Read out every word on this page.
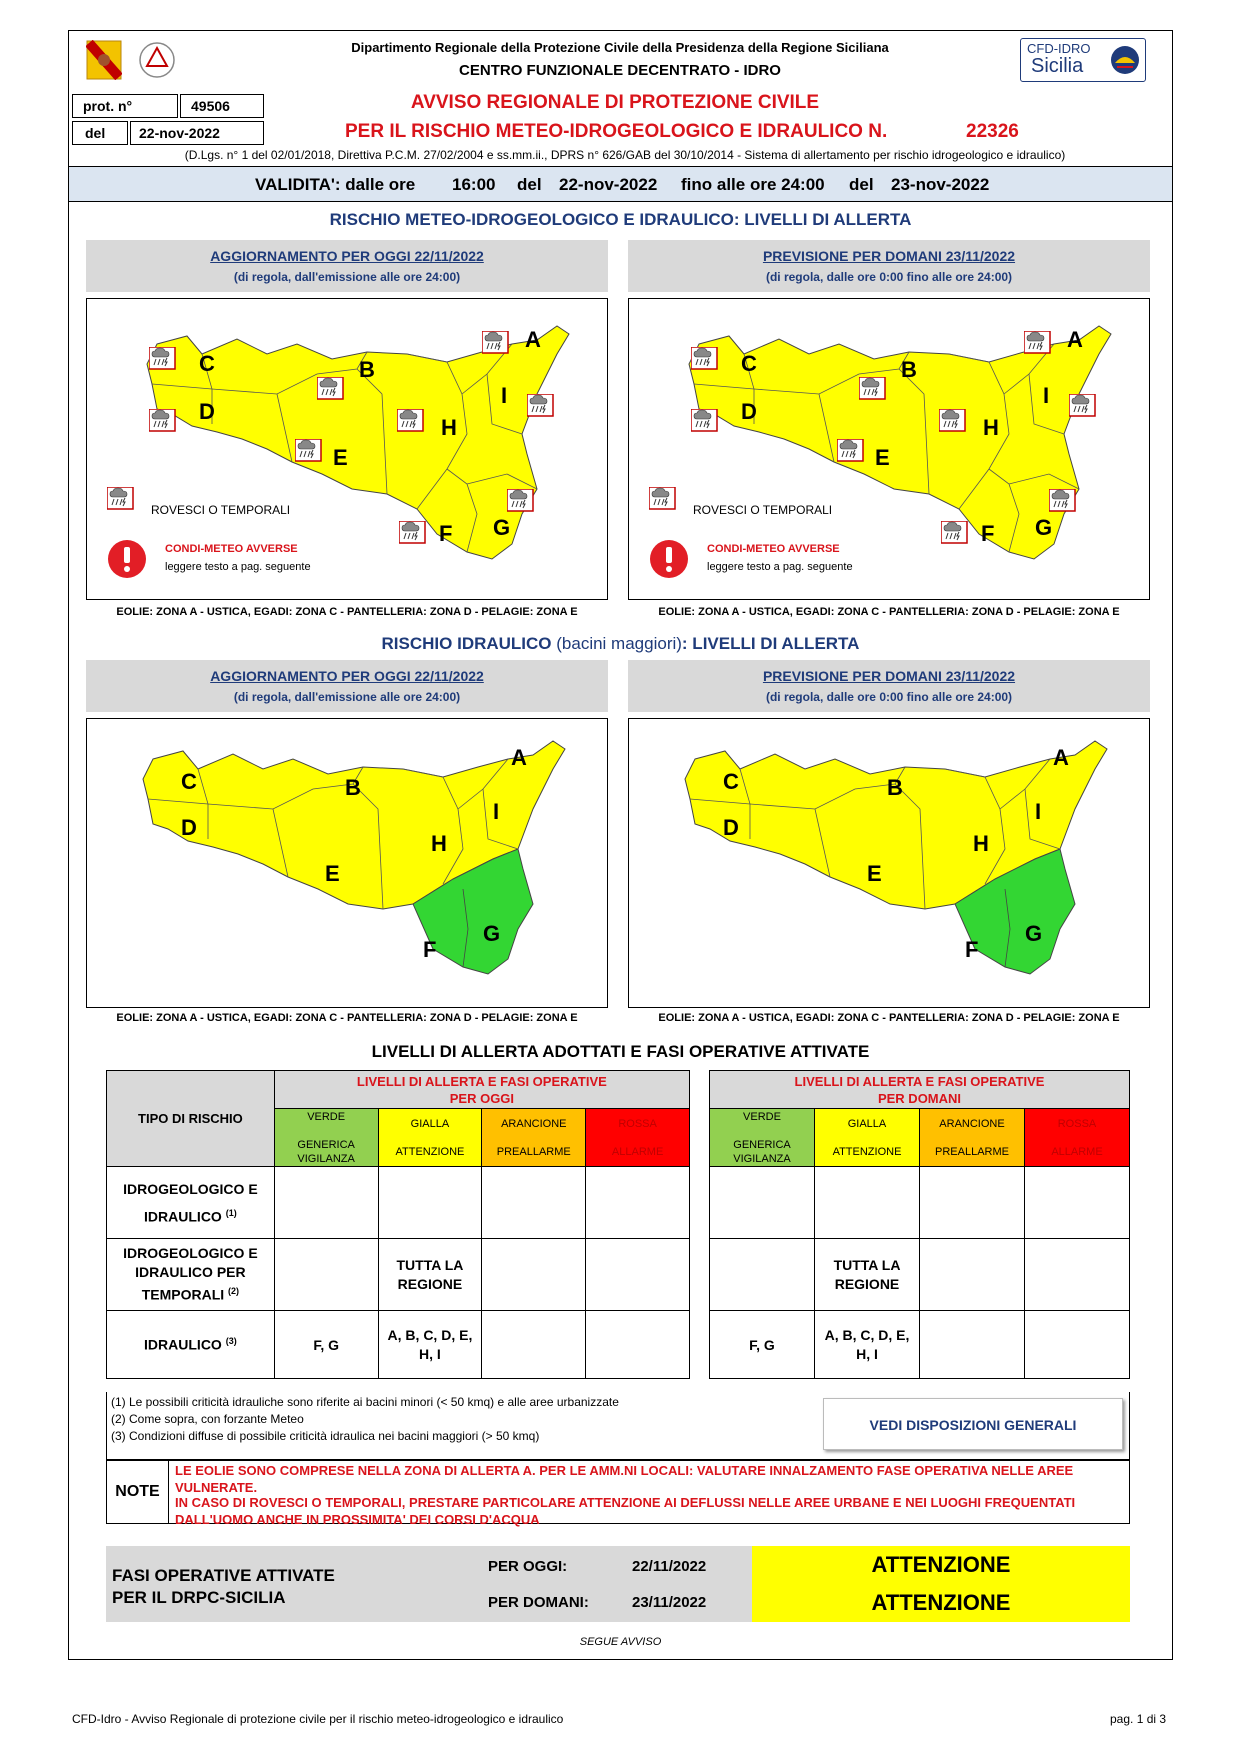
Dipartimento Regionale della Protezione Civile della Presidenza della Regione Siciliana
CENTRO FUNZIONALE DECENTRATO - IDRO
CFD-IDRO
Sicilia
prot. n°	49506
del	22-nov-2022
AVVISO REGIONALE DI PROTEZIONE CIVILE
PER IL RISCHIO METEO-IDROGEOLOGICO E IDRAULICO N.	22326
(D.Lgs. n° 1 del 02/01/2018, Direttiva P.C.M. 27/02/2004 e ss.mm.ii., DPRS n° 626/GAB del 30/10/2014 - Sistema di allertamento per rischio idrogeologico e idraulico)
VALIDITA': dalle ore 16:00 del 22-nov-2022 fino alle ore 24:00 del 23-nov-2022
RISCHIO METEO-IDROGEOLOGICO E IDRAULICO: LIVELLI DI ALLERTA
AGGIORNAMENTO PER OGGI 22/11/2022
(di regola, dall'emissione alle ore 24:00)
PREVISIONE PER DOMANI 23/11/2022
(di regola, dalle ore 0:00 fino alle ore 24:00)
C
D
B
E
H
I
A
F G
ROVESCI O TEMPORALI
CONDI-METEO AVVERSE
leggere testo a pag. seguente
C
D
B
E
H
I
A
F G
ROVESCI O TEMPORALI
CONDI-METEO AVVERSE
leggere testo a pag. seguente
EOLIE: ZONA A - USTICA, EGADI: ZONA C - PANTELLERIA: ZONA D - PELAGIE: ZONA E	EOLIE: ZONA A - USTICA, EGADI: ZONA C - PANTELLERIA: ZONA D - PELAGIE: ZONA E
RISCHIO IDRAULICO (bacini maggiori): LIVELLI DI ALLERTA
AGGIORNAMENTO PER OGGI 22/11/2022
(di regola, dall'emissione alle ore 24:00)
PREVISIONE PER DOMANI 23/11/2022
(di regola, dalle ore 0:00 fino alle ore 24:00)
C
D
B
E
H
I
A
F
G
C
D
B
E
H
I
A
F
G
EOLIE: ZONA A - USTICA, EGADI: ZONA C - PANTELLERIA: ZONA D - PELAGIE: ZONA E	EOLIE: ZONA A - USTICA, EGADI: ZONA C - PANTELLERIA: ZONA D - PELAGIE: ZONA E
LIVELLI DI ALLERTA ADOTTATI E FASI OPERATIVE ATTIVATE
TIPO DI RISCHIO	LIVELLI DI ALLERTA E FASI OPERATIVE
PER OGGI			
	VERDE

GENERICA
VIGILANZA	GIALLA

ATTENZIONE	ARANCIONE

PREALLARME	ROSSA

ALLARME
IDROGEOLOGICO E
IDRAULICO $^{(1)}$				
IDROGEOLOGICO E
IDRAULICO PER
TEMPORALI $^{(2)}$		TUTTA LA
REGIONE		
IDRAULICO $^{(3)}$	F, G	A, B, C, D, E,
H, I		
LIVELLI DI ALLERTA E FASI OPERATIVE
PER DOMANI			
VERDE

GENERICA
VIGILANZA	GIALLA

ATTENZIONE	ARANCIONE

PREALLARME	ROSSA

ALLARME

	TUTTA LA
REGIONE		
F, G	A, B, C, D, E,
H, I		
(1) Le possibili criticità idrauliche sono riferite ai bacini minori (< 50 kmq) e alle aree urbanizzate
(2) Come sopra, con forzante Meteo
(3) Condizioni diffuse di possibile criticità idraulica nei bacini maggiori (> 50 kmq)
VEDI DISPOSIZIONI GENERALI
NOTE
LE EOLIE SONO COMPRESE NELLA ZONA DI ALLERTA A. PER LE AMM.NI LOCALI: VALUTARE INNALZAMENTO FASE OPERATIVA NELLE AREE VULNERATE.
IN CASO DI ROVESCI O TEMPORALI, PRESTARE PARTICOLARE ATTENZIONE AI DEFLUSSI NELLE AREE URBANE E NEI LUOGHI FREQUENTATI DALL'UOMO ANCHE IN PROSSIMITA' DEI CORSI D'ACQUA
FASI OPERATIVE ATTIVATE
PER IL DRPC-SICILIA
PER OGGI:	22/11/2022
PER DOMANI:	23/11/2022
ATTENZIONE
ATTENZIONE
SEGUE AVVISO
CFD-Idro - Avviso Regionale di protezione civile per il rischio meteo-idrogeologico e idraulico	pag. 1 di 3
